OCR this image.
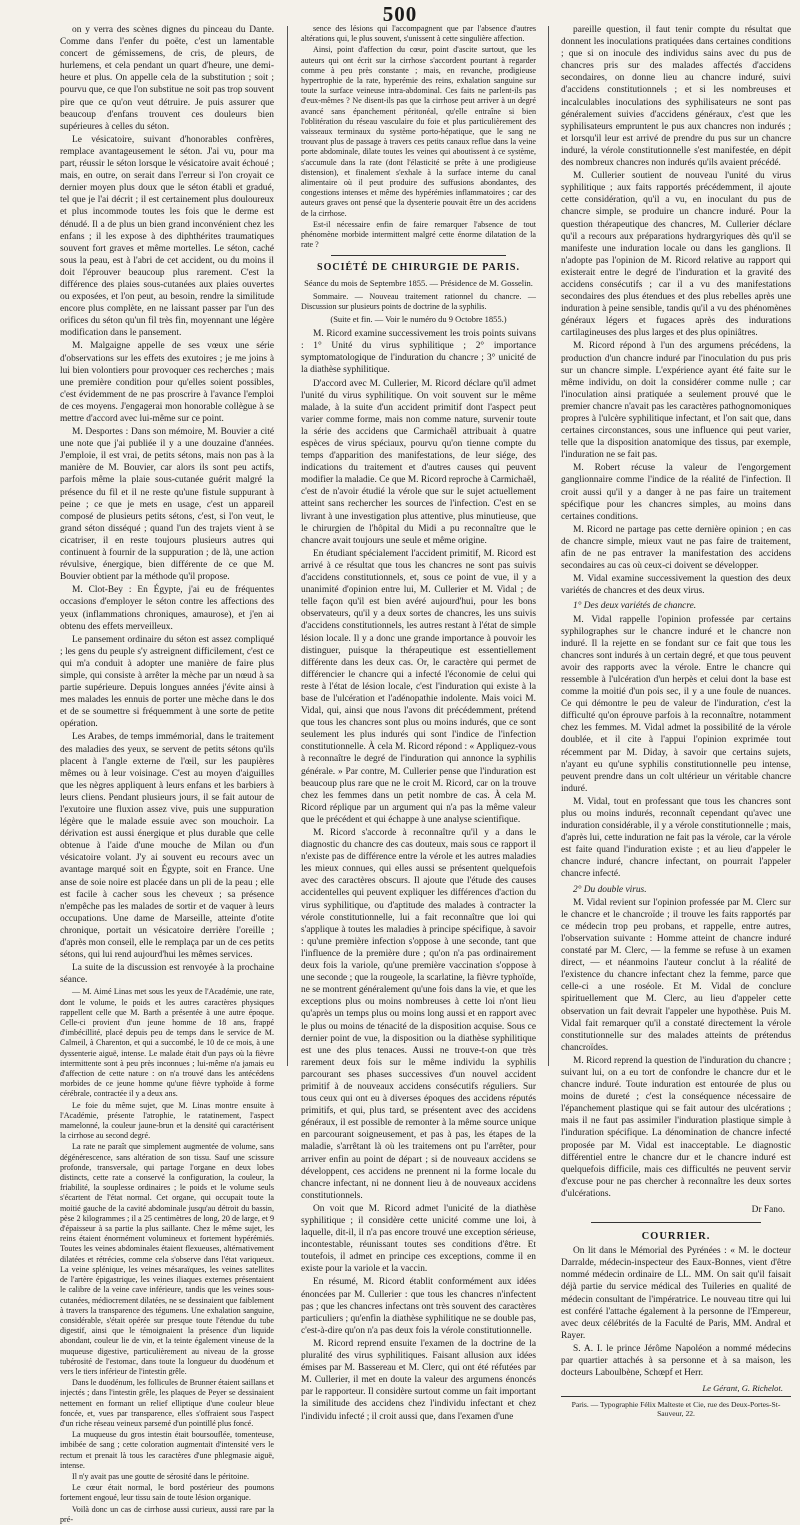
500

on y verra des scènes dignes du pinceau du Dante. Comme dans l'enfer du poëte, c'est un lamentable concert de gémissemens, de cris, de pleurs, de hurlemens, et cela pendant un quart d'heure, une demi-heure et plus. On appelle cela de la substitution ; soit ; pourvu que, ce que l'on substitue ne soit pas trop souvent pire que ce qu'on veut détruire. Je puis assurer que beaucoup d'enfans trouvent ces douleurs bien supérieures à celles du séton.

Le vésicatoire, suivant d'honorables confrères, remplace avantageusement le séton. J'ai vu, pour ma part, réussir le séton lorsque le vésicatoire avait échoué ; mais, en outre, on serait dans l'erreur si l'on croyait ce dernier moyen plus doux que le séton établi et gradué, tel que je l'ai décrit ; il est certainement plus douloureux et plus incommode toutes les fois que le derme est dénudé. Il a de plus un bien grand inconvénient chez les enfans ; il les expose à des diphthérites traumatiques souvent fort graves et même mortelles. Le séton, caché sous la peau, est à l'abri de cet accident, ou du moins il doit l'éprouver beaucoup plus rarement. C'est la différence des plaies sous-cutanées aux plaies ouvertes ou exposées, et l'on peut, au besoin, rendre la similitude encore plus complète, en ne laissant passer par l'un des orifices du séton qu'un fil très fin, moyennant une légère modification dans le pansement.

M. Malgaigne appelle de ses vœux une série d'observations sur les effets des exutoires ; je me joins à lui bien volontiers pour provoquer ces recherches ; mais une première condition pour qu'elles soient possibles, c'est évidemment de ne pas proscrire à l'avance l'emploi de ces moyens. J'engagerai mon honorable collègue à se mettre d'accord avec lui-même sur ce point.

M. Desportes : Dans son mémoire, M. Bouvier a cité une note que j'ai publiée il y a une douzaine d'années. J'emploie, il est vrai, de petits sétons, mais non pas à la manière de M. Bouvier, car alors ils sont peu actifs, parfois même la plaie sous-cutanée guérit malgré la présence du fil et il ne reste qu'une fistule suppurant à peine ; ce que je mets en usage, c'est un appareil composé de plusieurs petits sétons, c'est, si l'on veut, le grand séton disséqué ; quand l'un des trajets vient à se cicatriser, il en reste toujours plusieurs autres qui continuent à fournir de la suppuration ; de là, une action révulsive, énergique, bien différente de ce que M. Bouvier obtient par la méthode qu'il propose.

M. Clot-Bey : En Égypte, j'ai eu de fréquentes occasions d'employer le séton contre les affections des yeux (inflammations chroniques, amaurose), et j'en ai obtenu des effets merveilleux.

Le pansement ordinaire du séton est assez compliqué ; les gens du peuple s'y astreignent difficilement, c'est ce qui m'a conduit à adopter une manière de faire plus simple, qui consiste à arrêter la mèche par un nœud à sa partie supérieure. Depuis longues années j'évite ainsi à mes malades les ennuis de porter une mèche dans le dos et de se soumettre si fréquemment à une sorte de petite opération.

Les Arabes, de temps immémorial, dans le traitement des maladies des yeux, se servent de petits sétons qu'ils placent à l'angle externe de l'œil, sur les paupières mêmes ou à leur voisinage. C'est au moyen d'aiguilles que les nègres appliquent à leurs enfans et les barbiers à leurs cliens. Pendant plusieurs jours, il se fait autour de l'exutoire une fluxion assez vive, puis une suppuration légère que le malade essuie avec son mouchoir. La dérivation est aussi énergique et plus durable que celle obtenue à l'aide d'une mouche de Milan ou d'un vésicatoire volant. J'y ai souvent eu recours avec un avantage marqué soit en Égypte, soit en France. Une anse de soie noire est placée dans un pli de la peau ; elle est facile à cacher sous les cheveux ; sa présence n'empêche pas les malades de sortir et de vaquer à leurs occupations. Une dame de Marseille, atteinte d'otite chronique, portait un vésicatoire derrière l'oreille ; d'après mon conseil, elle le remplaça par un de ces petits sétons, qui lui rend aujourd'hui les mêmes services.

La suite de la discussion est renvoyée à la prochaine séance.

— M. Aimé Linas met sous les yeux de l'Académie, une rate, dont le volume, le poids et les autres caractères physiques rappellent celle que M. Barth a présentée à une autre époque. Celle-ci provient d'un jeune homme de 18 ans, frappé d'imbécillité, placé depuis peu de temps dans le service de M. Calmeil, à Charenton, et qui a succombé, le 10 de ce mois, à une dyssenterie aiguë, intense. Le malade était d'un pays où la fièvre intermittente sont à peu près inconnues ; lui-même n'a jamais eu d'affection de cette nature : on n'a trouvé dans les antécédens morbides de ce jeune homme qu'une fièvre typhoïde à forme cérébrale, contractée il y a deux ans.

Le foie du même sujet, que M. Linas montre ensuite à l'Académie, présente l'atrophie, le ratatinement, l'aspect mamelonné, la couleur jaune-brun et la densité qui caractérisent la cirrhose au second degré.

La rate ne paraît que simplement augmentée de volume, sans dégénérescence, sans altération de son tissu. Sauf une scissure profonde, transversale, qui partage l'organe en deux lobes distincts, cette rate a conservé la configuration, la couleur, la friabilité, la souplesse ordinaires ; le poids et le volume seuls s'écartent de l'état normal. Cet organe, qui occupait toute la moitié gauche de la cavité abdominale jusqu'au détroit du bassin, pèse 2 kilogrammes ; il a 25 centimètres de long, 20 de large, et 9 d'épaisseur à sa partie la plus saillante. Chez le même sujet, les reins étaient énormément volumineux et fortement hypérémiés. Toutes les veines abdominales étaient flexueuses, altérnativement dilatées et rétrécies, comme cela s'observe dans l'état variqueux. La veine splénique, les veines mésaraïques, les veines satellites de l'artère épigastrique, les veines iliaques externes présentaient le calibre de la veine cave inférieure, tandis que les veines sous-cutanées, médiocrement dilatées, ne se dessinaient que faiblement à travers la transparence des tégumens. Une exhalation sanguine, considérable, s'était opérée sur presque toute l'étendue du tube digestif, ainsi que le témoignaient la présence d'un liquide abondant, couleur lie de vin, et la teinte également vineuse de la muqueuse digestive, particulièrement au niveau de la grosse tubérosité de l'estomac, dans toute la longueur du duodénum et vers le tiers inférieur de l'intestin grêle.

Dans le duodénum, les follicules de Brunner étaient saillans et injectés ; dans l'intestin grêle, les plaques de Peyer se dessinaient nettement en formant un relief elliptique d'une couleur bleue foncée, et, vues par transparence, elles s'offraient sous l'aspect d'un riche réseau veineux parsemé d'un pointillé plus foncé.

La muqueuse du gros intestin était boursouflée, tomenteuse, imbibée de sang ; cette coloration augmentait d'intensité vers le rectum et prenait là tous les caractères d'une phlegmasie aiguë, intense.

Il n'y avait pas une goutte de sérosité dans le péritoine.

Le cœur était normal, le bord postérieur des poumons fortement engoué, leur tissu sain de toute lésion organique.

Voilà donc un cas de cirrhose aussi curieux, aussi rare par la pré-

sence des lésions qui l'accompagnent que par l'absence d'autres altérations qui, le plus souvent, s'unissent à cette singulière affection.

Ainsi, point d'affection du cœur, point d'ascite surtout, que les auteurs qui ont écrit sur la cirrhose s'accordent pourtant à regarder comme à peu près constante ; mais, en revanche, prodigieuse hypertrophie de la rate, hyperémie des reins, exhalation sanguine sur toute la surface veineuse intra-abdominal. Ces faits ne parlent-ils pas d'eux-mêmes ? Ne disent-ils pas que la cirrhose peut arriver à un degré avancé sans épanchement péritonéal, qu'elle entraîne si bien l'oblitération du réseau vasculaire du foie et plus particulièrement des vaisseaux terminaux du système porto-hépatique, que le sang ne trouvant plus de passage à travers ces petits canaux reflue dans la veine porte abdominale, dilate toutes les veines qui aboutissent à ce système, s'accumule dans la rate (dont l'élasticité se prête à une prodigieuse distension), et finalement s'exhale à la surface interne du canal alimentaire où il peut produire des suffusions abondantes, des congestions intenses et même des hypérémies inflammatoires ; car des auteurs graves ont pensé que la dysenterie pouvait être un des accidens de la cirrhose.

Est-il nécessaire enfin de faire remarquer l'absence de tout phénomène morbide intermittent malgré cette énorme dilatation de la rate ?

SOCIÉTÉ DE CHIRURGIE DE PARIS.
Séance du mois de Septembre 1855. — Présidence de M. Gosselin.

Sommaire. — Nouveau traitement rationnel du chancre. — Discussion sur plusieurs points de doctrine de la syphilis.

(Suite et fin. — Voir le numéro du 9 Octobre 1855.)

M. Ricord examine successivement les trois points suivans : 1° Unité du virus syphilitique ; 2° importance symptomatologique de l'induration du chancre ; 3° unicité de la diathèse syphilitique.

D'accord avec M. Cullerier, M. Ricord déclare qu'il admet l'unité du virus syphilitique. On voit souvent sur le même malade, à la suite d'un accident primitif dont l'aspect peut varier comme forme, mais non comme nature, survenir toute la série des accidens que Carmichaël attribuait à quatre espèces de virus spéciaux, pourvu qu'on tienne compte du temps d'apparition des manifestations, de leur siége, des indications du traitement et d'autres causes qui peuvent modifier la maladie. Ce que M. Ricord reproche à Carmichaël, c'est de n'avoir étudié la vérole que sur le sujet actuellement atteint sans rechercher les sources de l'infection. C'est en se livrant à une investigation plus attentive, plus minutieuse, que le chirurgien de l'hôpital du Midi a pu reconnaître que le chancre avait toujours une seule et même origine.

En étudiant spécialement l'accident primitif, M. Ricord est arrivé à ce résultat que tous les chancres ne sont pas suivis d'accidens constitutionnels, et, sous ce point de vue, il y a unanimité d'opinion entre lui, M. Cullerier et M. Vidal ; de telle façon qu'il est bien avéré aujourd'hui, pour les bons observateurs, qu'il y a deux sortes de chancres, les uns suivis d'accidens constitutionnels, les autres restant à l'état de simple lésion locale. Il y a donc une grande importance à pouvoir les distinguer, puisque la thérapeutique est essentiellement différente dans les deux cas. Or, le caractère qui permet de différencier le chancre qui a infecté l'économie de celui qui reste à l'état de lésion locale, c'est l'induration qui existe à la base de l'ulcération et l'adénopathie indolente. Mais voici M. Vidal, qui, ainsi que nous l'avons dit précédemment, prétend que tous les chancres sont plus ou moins indurés, que ce sont seulement les plus indurés qui sont l'indice de l'infection constitutionnelle. À cela M. Ricord répond : « Appliquez-vous à reconnaître le degré de l'induration qui annonce la syphilis générale. » Par contre, M. Cullerier pense que l'induration est beaucoup plus rare que ne le croit M. Ricord, car on la trouve chez les femmes dans un petit nombre de cas. À cela M. Ricord réplique par un argument qui n'a pas la même valeur que le précédent et qui échappe à une analyse scientifique.

M. Ricord s'accorde à reconnaître qu'il y a dans le diagnostic du chancre des cas douteux, mais sous ce rapport il n'existe pas de différence entre la vérole et les autres maladies les mieux connues, qui elles aussi se présentent quelquefois avec des caractères obscurs. Il ajoute que l'étude des causes accidentelles qui peuvent expliquer les différences d'action du virus syphilitique, ou d'aptitude des malades à contracter la vérole constitutionnelle, lui a fait reconnaître que loi qui s'applique à toutes les maladies à principe spécifique, à savoir : qu'une première infection s'oppose à une seconde, tant que l'influence de la première dure ; qu'on n'a pas ordinairement deux fois la variole, qu'une première vaccination s'oppose à une seconde ; que la rougeole, la scarlatine, la fièvre typhoïde, ne se montrent généralement qu'une fois dans la vie, et que les exceptions plus ou moins nombreuses à cette loi n'ont lieu qu'après un temps plus ou moins long aussi et en rapport avec le plus ou moins de ténacité de la disposition acquise. Sous ce dernier point de vue, la disposition ou la diathèse syphilitique est une des plus tenaces. Aussi ne trouve-t-on que très rarement deux fois sur le même individu la syphilis parcourant ses phases successives d'un nouvel accident primitif à de nouveaux accidens consécutifs réguliers. Sur tous ceux qui ont eu à diverses époques des accidens réputés primitifs, et qui, plus tard, se présentent avec des accidens généraux, il est possible de remonter à la même source unique en parcourant soigneusement, et pas à pas, les étapes de la maladie, s'arrêtant là où les traitemens ont pu l'arrêter, pour arriver enfin au point de départ ; si de nouveaux accidens se développent, ces accidens ne prennent ni la forme locale du chancre infectant, ni ne donnent lieu à de nouveaux accidens constitutionnels.

On voit que M. Ricord admet l'unicité de la diathèse syphilitique ; il considère cette unicité comme une loi, à laquelle, dit-il, il n'a pas encore trouvé une exception sérieuse, incontestable, réunissant toutes ses conditions d'être. Et toutefois, il admet en principe ces exceptions, comme il en existe pour la variole et la vaccin.

En résumé, M. Ricord établit conformément aux idées énoncées par M. Cullerier : que tous les chancres n'infectent pas ; que les chancres infectans ont très souvent des caractères particuliers ; qu'enfin la diathèse syphilitique ne se double pas, c'est-à-dire qu'on n'a pas deux fois la vérole constitutionnelle.

M. Ricord reprend ensuite l'examen de la doctrine de la pluralité des virus syphilitiques. Faisant allusion aux idées émises par M. Bassereau et M. Clerc, qui ont été réfutées par M. Cullerier, il met en doute la valeur des argumens énoncés par le rapporteur. Il considère surtout comme un fait important la similitude des accidens chez l'individu infectant et chez l'individu infecté ; il croit aussi que, dans l'examen d'une

pareille question, il faut tenir compte du résultat que donnent les inoculations pratiquées dans certaines conditions ; que si on inocule des individus sains avec du pus de chancres pris sur des malades affectés d'accidens secondaires, on donne lieu au chancre induré, suivi d'accidens constitutionnels ; et si les nombreuses et incalculables inoculations des syphilisateurs ne sont pas généralement suivies d'accidens généraux, c'est que les syphilisateurs empruntent le pus aux chancres non indurés ; et lorsqu'il leur est arrivé de prendre du pus sur un chancre induré, la vérole constitutionnelle s'est manifestée, en dépit des nombreux chancres non indurés qu'ils avaient précédé.

M. Cullerier soutient de nouveau l'unité du virus syphilitique ; aux faits rapportés précédemment, il ajoute cette considération, qu'il a vu, en inoculant du pus de chancre simple, se produire un chancre induré. Pour la question thérapeutique des chancres, M. Cullerier déclare qu'il a recours aux préparations hydrargyriques dès qu'il se manifeste une induration locale ou dans les ganglions. Il n'adopte pas l'opinion de M. Ricord relative au rapport qui existerait entre le degré de l'induration et la gravité des accidens consécutifs ; car il a vu des manifestations secondaires des plus étendues et des plus rebelles après une induration à peine sensible, tandis qu'il a vu des phénomènes généraux légers et fugaces après des indurations cartilagineuses des plus larges et des plus opiniâtres.

M. Ricord répond à l'un des argumens précédens, la production d'un chancre induré par l'inoculation du pus pris sur un chancre simple. L'expérience ayant été faite sur le même individu, on doit la considérer comme nulle ; car l'inoculation ainsi pratiquée a seulement prouvé que le premier chancre n'avait pas les caractères pathognomoniques propres à l'ulcère syphilitique infectant, et l'on sait que, dans certaines circonstances, sous une influence qui peut varier, telle que la disposition anatomique des tissus, par exemple, l'induration ne se fait pas.

M. Robert récuse la valeur de l'engorgement ganglionnaire comme l'indice de la réalité de l'infection. Il croit aussi qu'il y a danger à ne pas faire un traitement spécifique pour les chancres simples, au moins dans certaines conditions.

M. Ricord ne partage pas cette dernière opinion ; en cas de chancre simple, mieux vaut ne pas faire de traitement, afin de ne pas entraver la manifestation des accidens secondaires au cas où ceux-ci doivent se développer.

M. Vidal examine successivement la question des deux variétés de chancres et des deux virus.

1° Des deux variétés de chancre.

M. Vidal rappelle l'opinion professée par certains syphilographes sur le chancre induré et le chancre non induré. Il la rejette en se fondant sur ce fait que tous les chancres sont indurés à un certain degré, et que tous peuvent avoir des rapports avec la vérole. Entre le chancre qui ressemble à l'ulcération d'un herpès et celui dont la base est comme la moitié d'un pois sec, il y a une foule de nuances. Ce qui démontre le peu de valeur de l'induration, c'est la difficulté qu'on éprouve parfois à la reconnaître, notamment chez les femmes. M. Vidal admet la possibilité de la vérole doublée, et il cite à l'appui l'opinion exprimée tout récemment par M. Diday, à savoir que certains sujets, n'ayant eu qu'une syphilis constitutionnelle peu intense, peuvent prendre dans un colt ultérieur un véritable chancre induré.

M. Vidal, tout en professant que tous les chancres sont plus ou moins indurés, reconnaît cependant qu'avec une induration considérable, il y a vérole constitutionnelle ; mais, d'après lui, cette induration ne fait pas la vérole, car la vérole est faite quand l'induration existe ; et au lieu d'appeler le chancre induré, chancre infectant, on pourrait l'appeler chancre infecté.

2° Du double virus.

M. Vidal revient sur l'opinion professée par M. Clerc sur le chancre et le chancroïde ; il trouve les faits rapportés par ce médecin trop peu probans, et rappelle, entre autres, l'observation suivante : Homme atteint de chancre induré constaté par M. Clerc, — la femme se refuse à un examen direct, — et néanmoins l'auteur conclut à la réalité de l'existence du chancre infectant chez la femme, parce que celle-ci a une roséole. Et M. Vidal de conclure spirituellement que M. Clerc, au lieu d'appeler cette observation un fait devrait l'appeler une hypothèse. Puis M. Vidal fait remarquer qu'il a constaté directement la vérole constitutionnelle sur des malades atteints de prétendus chancroïdes.

M. Ricord reprend la question de l'induration du chancre ; suivant lui, on a eu tort de confondre le chancre dur et le chancre induré. Toute induration est entourée de plus ou moins de dureté ; c'est la conséquence nécessaire de l'épanchement plastique qui se fait autour des ulcérations ; mais il ne faut pas assimiler l'induration plastique simple à l'induration spécifique. La dénomination de chancre infecté proposée par M. Vidal est inacceptable. Le diagnostic différentiel entre le chancre dur et le chancre induré est quelquefois difficile, mais ces difficultés ne peuvent servir d'excuse pour ne pas chercher à reconnaître les deux sortes d'ulcérations.

Dr Fano.
COURRIER.

On lit dans le Mémorial des Pyrénées : « M. le docteur Darralde, médecin-inspecteur des Eaux-Bonnes, vient d'être nommé médecin ordinaire de LL. MM. On sait qu'il faisait déjà partie du service médical des Tuileries en qualité de médecin consultant de l'impératrice. Le nouveau titre qui lui est conféré l'attache également à la personne de l'Empereur, avec deux célébrités de la Faculté de Paris, MM. Andral et Rayer.

S. A. I. le prince Jérôme Napoléon a nommé médecins par quartier attachés à sa personne et à sa maison, les docteurs Laboulbène, Schœpf et Herr.

Le Gérant, G. Richelot.
Paris. — Typographie Félix Malteste et Cie, rue des Deux-Portes-St-Sauveur, 22.
